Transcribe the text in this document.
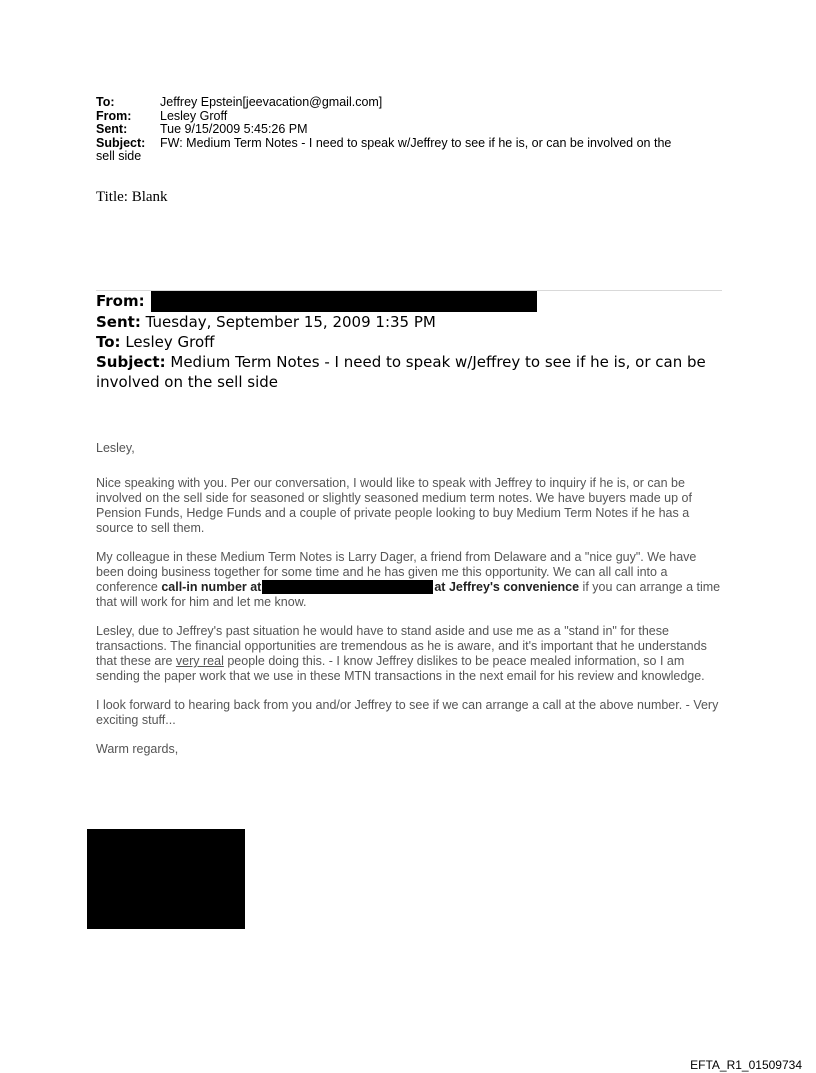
To:	Jeffrey Epstein[jeevacation@gmail.com]
From:	Lesley Groff
Sent:	Tue 9/15/2009 5:45:26 PM
Subject:	FW: Medium Term Notes - I need to speak w/Jeffrey to see if he is, or can be involved on the
sell side
Title: Blank
From:
Sent: Tuesday, September 15, 2009 1:35 PM
To: Lesley Groff
Subject: Medium Term Notes - I need to speak w/Jeffrey to see if he is, or can be involved on the sell side

Lesley,

Nice speaking with you. Per our conversation, I would like to speak with Jeffrey to inquiry if he is, or can be involved on the sell side for seasoned or slightly seasoned medium term notes. We have buyers made up of Pension Funds, Hedge Funds and a couple of private people looking to buy Medium Term Notes if he has a source to sell them.

My colleague in these Medium Term Notes is Larry Dager, a friend from Delaware and a "nice guy". We have been doing business together for some time and he has given me this opportunity. We can all call into a conference call-in number at	at Jeffrey's convenience if you can arrange a time that will work for him and let me know.

Lesley, due to Jeffrey's past situation he would have to stand aside and use me as a "stand in" for these transactions. The financial opportunities are tremendous as he is aware, and it's important that he understands that these are very real people doing this. - I know Jeffrey dislikes to be peace mealed information, so I am sending the paper work that we use in these MTN transactions in the next email for his review and knowledge.

I look forward to hearing back from you and/or Jeffrey to see if we can arrange a call at the above number. - Very exciting stuff...

Warm regards,

EFTA_R1_01509734
